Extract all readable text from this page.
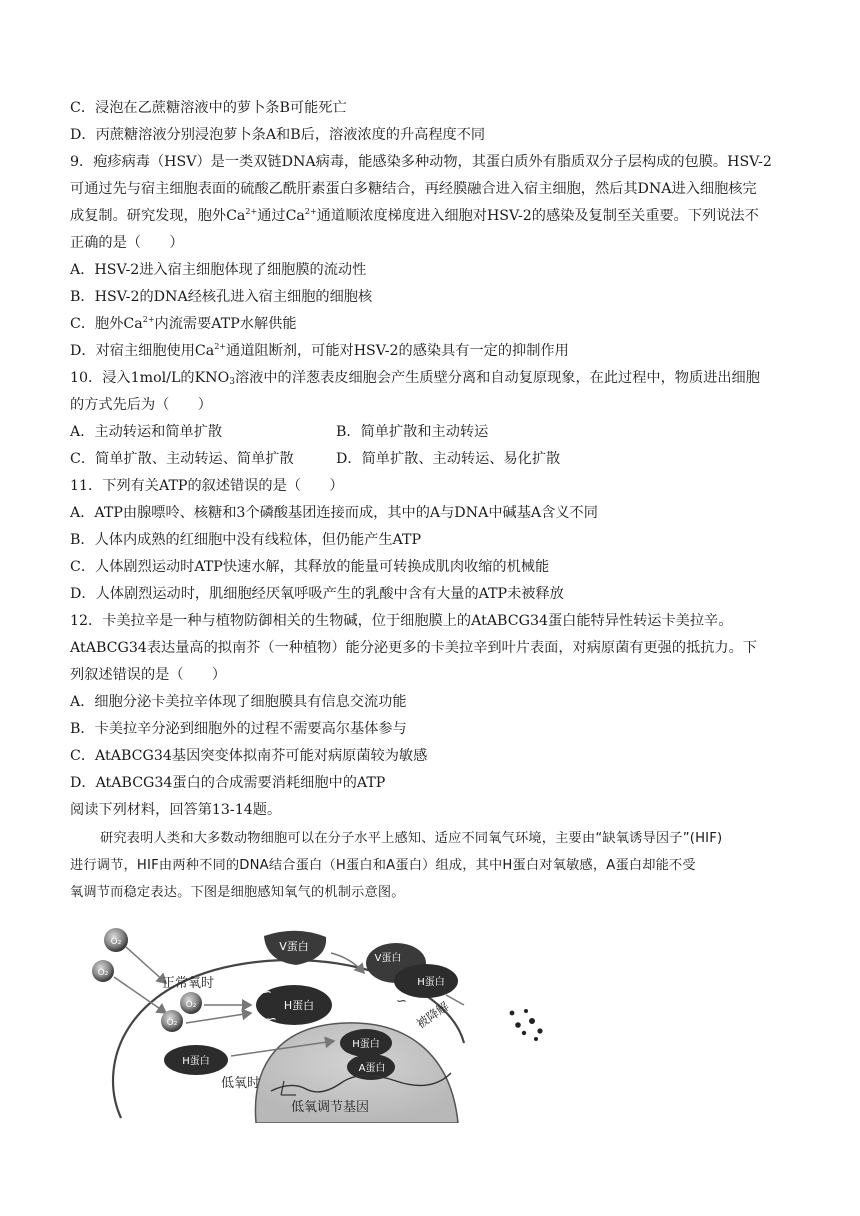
C．浸泡在乙蔗糖溶液中的萝卜条B可能死亡
D．丙蔗糖溶液分别浸泡萝卜条A和B后，溶液浓度的升高程度不同
9．疱疹病毒（HSV）是一类双链DNA病毒，能感染多种动物，其蛋白质外有脂质双分子层构成的包膜。HSV-2
可通过先与宿主细胞表面的硫酸乙酰肝素蛋白多糖结合，再经膜融合进入宿主细胞，然后其DNA进入细胞核完
成复制。研究发现，胞外$Ca^{2+}$通过$Ca^{2+}$通道顺浓度梯度进入细胞对HSV-2的感染及复制至关重要。下列说法不
正确的是（　　）
A．HSV-2进入宿主细胞体现了细胞膜的流动性
B．HSV-2的DNA经核孔进入宿主细胞的细胞核
C．胞外$Ca^{2+}$内流需要ATP水解供能
D．对宿主细胞使用$Ca^{2+}$通道阻断剂，可能对HSV-2的感染具有一定的抑制作用
10．浸入1mol/L的$KNO_3$溶液中的洋葱表皮细胞会产生质壁分离和自动复原现象，在此过程中，物质进出细胞
的方式先后为（　　）
A．主动转运和简单扩散	B．简单扩散和主动转运
C．简单扩散、主动转运、简单扩散	D．简单扩散、主动转运、易化扩散
11．下列有关ATP的叙述错误的是（　　）
A．ATP由腺嘌呤、核糖和3个磷酸基团连接而成，其中的A与DNA中碱基A含义不同
B．人体内成熟的红细胞中没有线粒体，但仍能产生ATP
C．人体剧烈运动时ATP快速水解，其释放的能量可转换成肌肉收缩的机械能
D．人体剧烈运动时，肌细胞经厌氧呼吸产生的乳酸中含有大量的ATP未被释放
12．卡美拉辛是一种与植物防御相关的生物碱，位于细胞膜上的AtABCG34蛋白能特异性转运卡美拉辛。
AtABCG34表达量高的拟南芥（一种植物）能分泌更多的卡美拉辛到叶片表面，对病原菌有更强的抵抗力。下
列叙述错误的是（　　）
A．细胞分泌卡美拉辛体现了细胞膜具有信息交流功能
B．卡美拉辛分泌到细胞外的过程不需要高尔基体参与
C．AtABCG34基因突变体拟南芥可能对病原菌较为敏感
D．AtABCG34蛋白的合成需要消耗细胞中的ATP
阅读下列材料，回答第13-14题。
研究表明人类和大多数动物细胞可以在分子水平上感知、适应不同氧气环境，主要由“缺氧诱导因子”(HIF)
进行调节，HIF由两种不同的DNA结合蛋白（H蛋白和A蛋白）组成，其中H蛋白对氧敏感，A蛋白却能不受
氧调节而稳定表达。下图是细胞感知氧气的机制示意图。
O₂
O₂
正常氧时
O₂
O₂
V蛋白
H蛋白
∽
∽
V蛋白
H蛋白
∽ 被降解
H蛋白
低氧时
H蛋白
A蛋白
低氧调节基因
